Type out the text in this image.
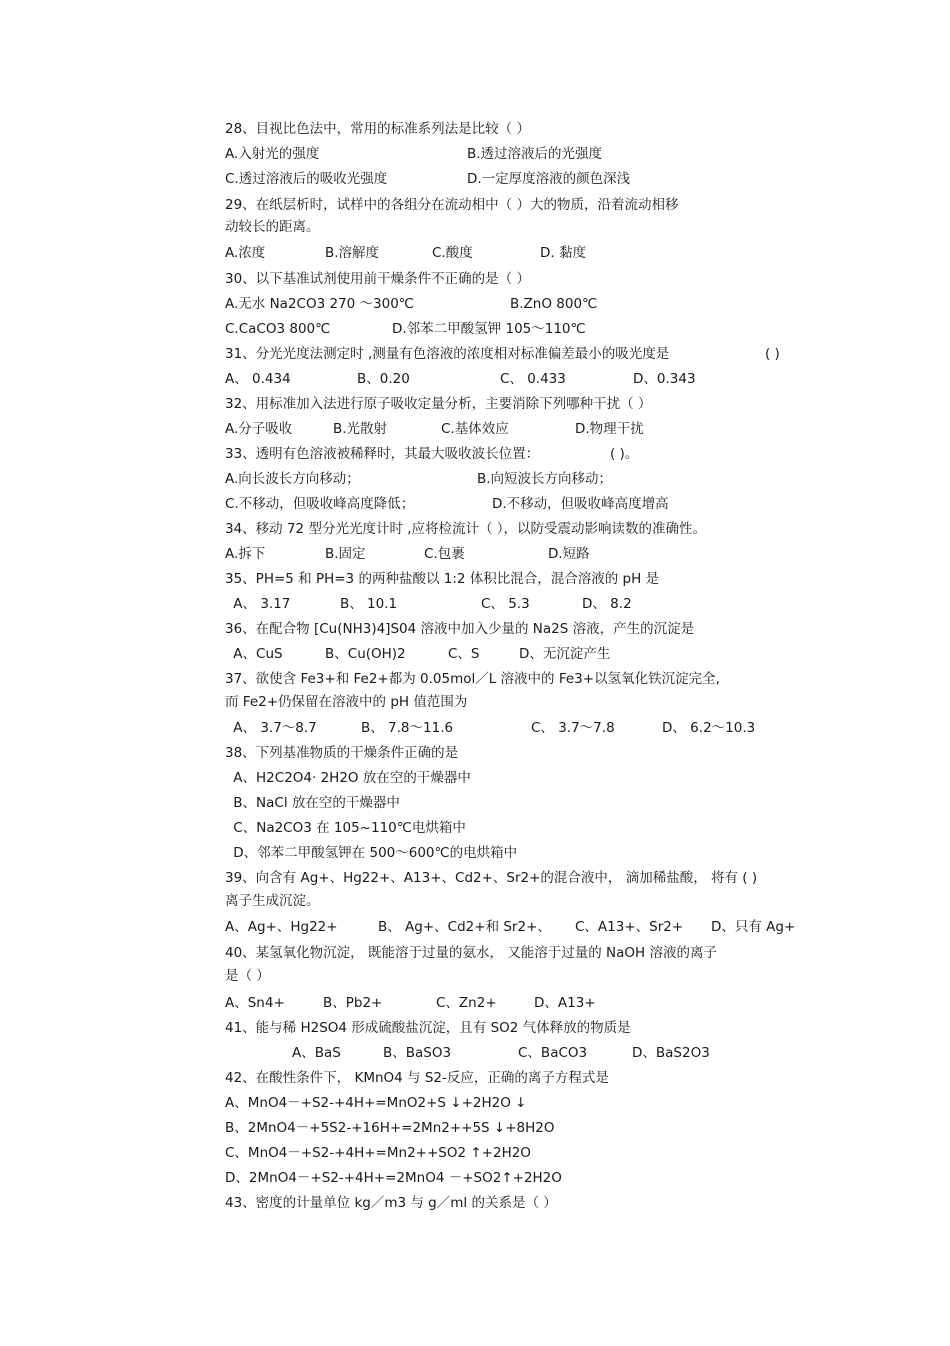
28、目视比色法中，常用的标准系列法是比较（ ）
A.入射光的强度	B.透过溶液后的光强度
C.透过溶液后的吸收光强度	D.一定厚度溶液的颜色深浅
29、在纸层析时，试样中的各组分在流动相中（ ）大的物质，沿着流动相移
动较长的距离。
A.浓度	B.溶解度	C.酸度	D. 黏度
30、以下基准试剂使用前干燥条件不正确的是（ ）
A.无水 Na2CO3 270 ～300℃	B.ZnO 800℃
C.CaCO3 800℃	D.邻苯二甲酸氢钾 105～110℃
31、分光光度法测定时 ,测量有色溶液的浓度相对标准偏差最小的吸光度是	( )
A、 0.434	B、0.20	C、 0.433	D、0.343
32、用标准加入法进行原子吸收定量分析，主要消除下列哪种干扰（ ）
A.分子吸收	B.光散射	C.基体效应	D.物理干扰
33、透明有色溶液被稀释时，其最大吸收波长位置：	( )。
A.向长波长方向移动；	B.向短波长方向移动；
C.不移动，但吸收峰高度降低；	D.不移动，但吸收峰高度增高
34、移动 72 型分光光度计时 ,应将检流计（ ），以防受震动影响读数的准确性。
A.拆下	B.固定	C.包裹	D.短路
35、PH=5 和 PH=3 的两种盐酸以 1:2 体积比混合，混合溶液的 pH 是
A、 3.17	B、 10.1	C、 5.3	D、 8.2
36、在配合物 [Cu(NH3)4]S04 溶液中加入少量的 Na2S 溶液，产生的沉淀是
A、CuS	B、Cu(OH)2	C、S	D、无沉淀产生
37、欲使含 Fe3+和 Fe2+都为 0.05mol／L 溶液中的 Fe3+以氢氧化铁沉淀完全,
而 Fe2+仍保留在溶液中的 pH 值范围为
A、 3.7～8.7	B、 7.8～11.6	C、 3.7～7.8	D、 6.2～10.3
38、下列基准物质的干燥条件正确的是
A、H2C2O4· 2H2O 放在空的干燥器中
B、NaCl 放在空的干燥器中
C、Na2CO3 在 105~110℃电烘箱中
D、邻苯二甲酸氢钾在 500～600℃的电烘箱中
39、向含有 Ag+、Hg22+、A13+、Cd2+、Sr2+的混合液中， 滴加稀盐酸， 将有 ( )
离子生成沉淀。
A、Ag+、Hg22+	B、 Ag+、Cd2+和 Sr2+、 C、A13+、Sr2+ D、只有 Ag+
40、某氢氧化物沉淀， 既能溶于过量的氨水， 又能溶于过量的 NaOH 溶液的离子
是（ ）
A、Sn4+	B、Pb2+	C、Zn2+	D、A13+
41、能与稀 H2SO4 形成硫酸盐沉淀，且有 SO2 气体释放的物质是
A、BaS	B、BaSO3	C、BaCO3	D、BaS2O3
42、在酸性条件下， KMnO4 与 S2-反应，正确的离子方程式是
A、MnO4－+S2-+4H+=MnO2+S ↓+2H2O ↓
B、2MnO4－+5S2-+16H+=2Mn2++5S ↓+8H2O
C、MnO4－+S2-+4H+=Mn2++SO2 ↑+2H2O
D、2MnO4－+S2-+4H+=2MnO4 －+SO2↑+2H2O
43、密度的计量单位 kg／m3 与 g／ml 的关系是（ ）
